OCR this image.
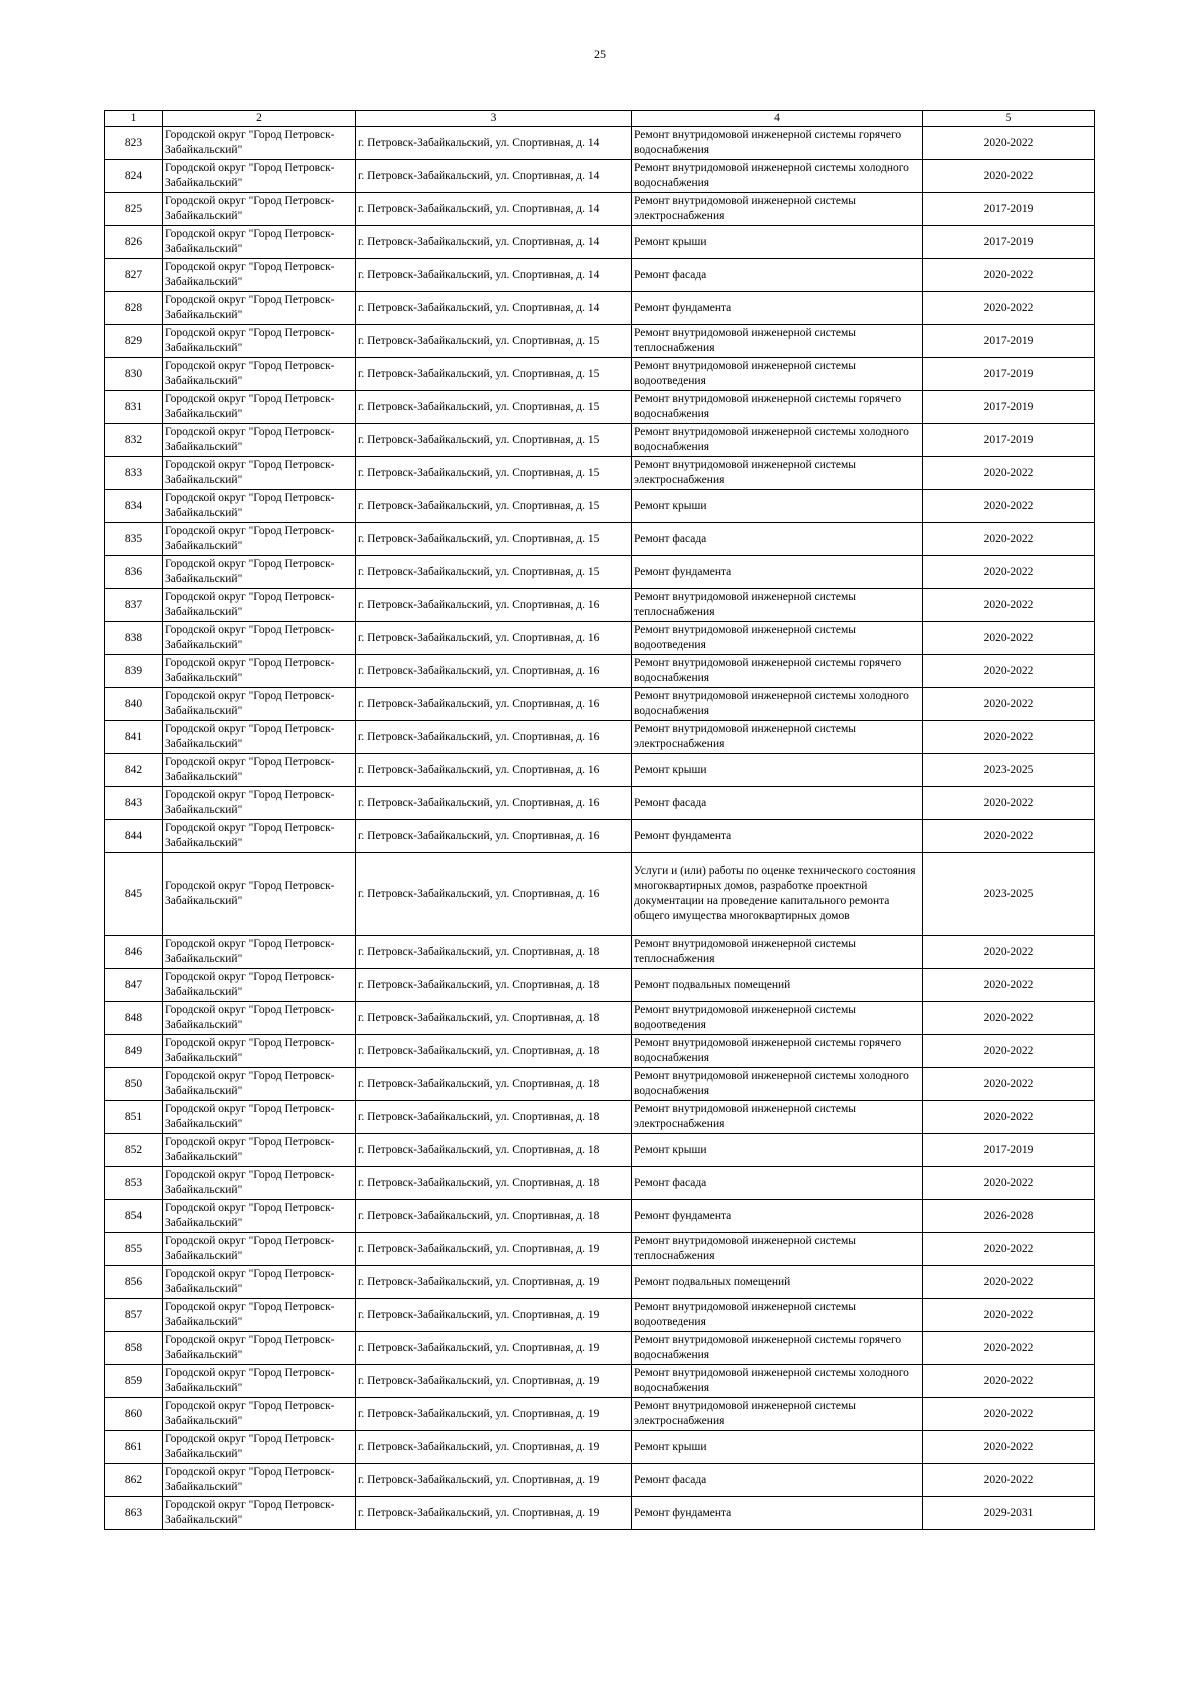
25
1	2	3	4	5
823	Городской округ "Город Петровск-Забайкальский"	г. Петровск-Забайкальский, ул. Спортивная, д. 14	Ремонт внутридомовой инженерной системы горячего водоснабжения	2020-2022
824	Городской округ "Город Петровск-Забайкальский"	г. Петровск-Забайкальский, ул. Спортивная, д. 14	Ремонт внутридомовой инженерной системы холодного водоснабжения	2020-2022
825	Городской округ "Город Петровск-Забайкальский"	г. Петровск-Забайкальский, ул. Спортивная, д. 14	Ремонт внутридомовой инженерной системы электроснабжения	2017-2019
826	Городской округ "Город Петровск-Забайкальский"	г. Петровск-Забайкальский, ул. Спортивная, д. 14	Ремонт крыши	2017-2019
827	Городской округ "Город Петровск-Забайкальский"	г. Петровск-Забайкальский, ул. Спортивная, д. 14	Ремонт фасада	2020-2022
828	Городской округ "Город Петровск-Забайкальский"	г. Петровск-Забайкальский, ул. Спортивная, д. 14	Ремонт фундамента	2020-2022
829	Городской округ "Город Петровск-Забайкальский"	г. Петровск-Забайкальский, ул. Спортивная, д. 15	Ремонт внутридомовой инженерной системы теплоснабжения	2017-2019
830	Городской округ "Город Петровск-Забайкальский"	г. Петровск-Забайкальский, ул. Спортивная, д. 15	Ремонт внутридомовой инженерной системы водоотведения	2017-2019
831	Городской округ "Город Петровск-Забайкальский"	г. Петровск-Забайкальский, ул. Спортивная, д. 15	Ремонт внутридомовой инженерной системы горячего водоснабжения	2017-2019
832	Городской округ "Город Петровск-Забайкальский"	г. Петровск-Забайкальский, ул. Спортивная, д. 15	Ремонт внутридомовой инженерной системы холодного водоснабжения	2017-2019
833	Городской округ "Город Петровск-Забайкальский"	г. Петровск-Забайкальский, ул. Спортивная, д. 15	Ремонт внутридомовой инженерной системы электроснабжения	2020-2022
834	Городской округ "Город Петровск-Забайкальский"	г. Петровск-Забайкальский, ул. Спортивная, д. 15	Ремонт крыши	2020-2022
835	Городской округ "Город Петровск-Забайкальский"	г. Петровск-Забайкальский, ул. Спортивная, д. 15	Ремонт фасада	2020-2022
836	Городской округ "Город Петровск-Забайкальский"	г. Петровск-Забайкальский, ул. Спортивная, д. 15	Ремонт фундамента	2020-2022
837	Городской округ "Город Петровск-Забайкальский"	г. Петровск-Забайкальский, ул. Спортивная, д. 16	Ремонт внутридомовой инженерной системы теплоснабжения	2020-2022
838	Городской округ "Город Петровск-Забайкальский"	г. Петровск-Забайкальский, ул. Спортивная, д. 16	Ремонт внутридомовой инженерной системы водоотведения	2020-2022
839	Городской округ "Город Петровск-Забайкальский"	г. Петровск-Забайкальский, ул. Спортивная, д. 16	Ремонт внутридомовой инженерной системы горячего водоснабжения	2020-2022
840	Городской округ "Город Петровск-Забайкальский"	г. Петровск-Забайкальский, ул. Спортивная, д. 16	Ремонт внутридомовой инженерной системы холодного водоснабжения	2020-2022
841	Городской округ "Город Петровск-Забайкальский"	г. Петровск-Забайкальский, ул. Спортивная, д. 16	Ремонт внутридомовой инженерной системы электроснабжения	2020-2022
842	Городской округ "Город Петровск-Забайкальский"	г. Петровск-Забайкальский, ул. Спортивная, д. 16	Ремонт крыши	2023-2025
843	Городской округ "Город Петровск-Забайкальский"	г. Петровск-Забайкальский, ул. Спортивная, д. 16	Ремонт фасада	2020-2022
844	Городской округ "Город Петровск-Забайкальский"	г. Петровск-Забайкальский, ул. Спортивная, д. 16	Ремонт фундамента	2020-2022
845	Городской округ "Город Петровск-Забайкальский"	г. Петровск-Забайкальский, ул. Спортивная, д. 16	Услуги и (или) работы по оценке технического состояния многоквартирных домов, разработке проектной документации на проведение капитального ремонта общего имущества многоквартирных домов	2023-2025
846	Городской округ "Город Петровск-Забайкальский"	г. Петровск-Забайкальский, ул. Спортивная, д. 18	Ремонт внутридомовой инженерной системы теплоснабжения	2020-2022
847	Городской округ "Город Петровск-Забайкальский"	г. Петровск-Забайкальский, ул. Спортивная, д. 18	Ремонт подвальных помещений	2020-2022
848	Городской округ "Город Петровск-Забайкальский"	г. Петровск-Забайкальский, ул. Спортивная, д. 18	Ремонт внутридомовой инженерной системы водоотведения	2020-2022
849	Городской округ "Город Петровск-Забайкальский"	г. Петровск-Забайкальский, ул. Спортивная, д. 18	Ремонт внутридомовой инженерной системы горячего водоснабжения	2020-2022
850	Городской округ "Город Петровск-Забайкальский"	г. Петровск-Забайкальский, ул. Спортивная, д. 18	Ремонт внутридомовой инженерной системы холодного водоснабжения	2020-2022
851	Городской округ "Город Петровск-Забайкальский"	г. Петровск-Забайкальский, ул. Спортивная, д. 18	Ремонт внутридомовой инженерной системы электроснабжения	2020-2022
852	Городской округ "Город Петровск-Забайкальский"	г. Петровск-Забайкальский, ул. Спортивная, д. 18	Ремонт крыши	2017-2019
853	Городской округ "Город Петровск-Забайкальский"	г. Петровск-Забайкальский, ул. Спортивная, д. 18	Ремонт фасада	2020-2022
854	Городской округ "Город Петровск-Забайкальский"	г. Петровск-Забайкальский, ул. Спортивная, д. 18	Ремонт фундамента	2026-2028
855	Городской округ "Город Петровск-Забайкальский"	г. Петровск-Забайкальский, ул. Спортивная, д. 19	Ремонт внутридомовой инженерной системы теплоснабжения	2020-2022
856	Городской округ "Город Петровск-Забайкальский"	г. Петровск-Забайкальский, ул. Спортивная, д. 19	Ремонт подвальных помещений	2020-2022
857	Городской округ "Город Петровск-Забайкальский"	г. Петровск-Забайкальский, ул. Спортивная, д. 19	Ремонт внутридомовой инженерной системы водоотведения	2020-2022
858	Городской округ "Город Петровск-Забайкальский"	г. Петровск-Забайкальский, ул. Спортивная, д. 19	Ремонт внутридомовой инженерной системы горячего водоснабжения	2020-2022
859	Городской округ "Город Петровск-Забайкальский"	г. Петровск-Забайкальский, ул. Спортивная, д. 19	Ремонт внутридомовой инженерной системы холодного водоснабжения	2020-2022
860	Городской округ "Город Петровск-Забайкальский"	г. Петровск-Забайкальский, ул. Спортивная, д. 19	Ремонт внутридомовой инженерной системы электроснабжения	2020-2022
861	Городской округ "Город Петровск-Забайкальский"	г. Петровск-Забайкальский, ул. Спортивная, д. 19	Ремонт крыши	2020-2022
862	Городской округ "Город Петровск-Забайкальский"	г. Петровск-Забайкальский, ул. Спортивная, д. 19	Ремонт фасада	2020-2022
863	Городской округ "Город Петровск-Забайкальский"	г. Петровск-Забайкальский, ул. Спортивная, д. 19	Ремонт фундамента	2029-2031
